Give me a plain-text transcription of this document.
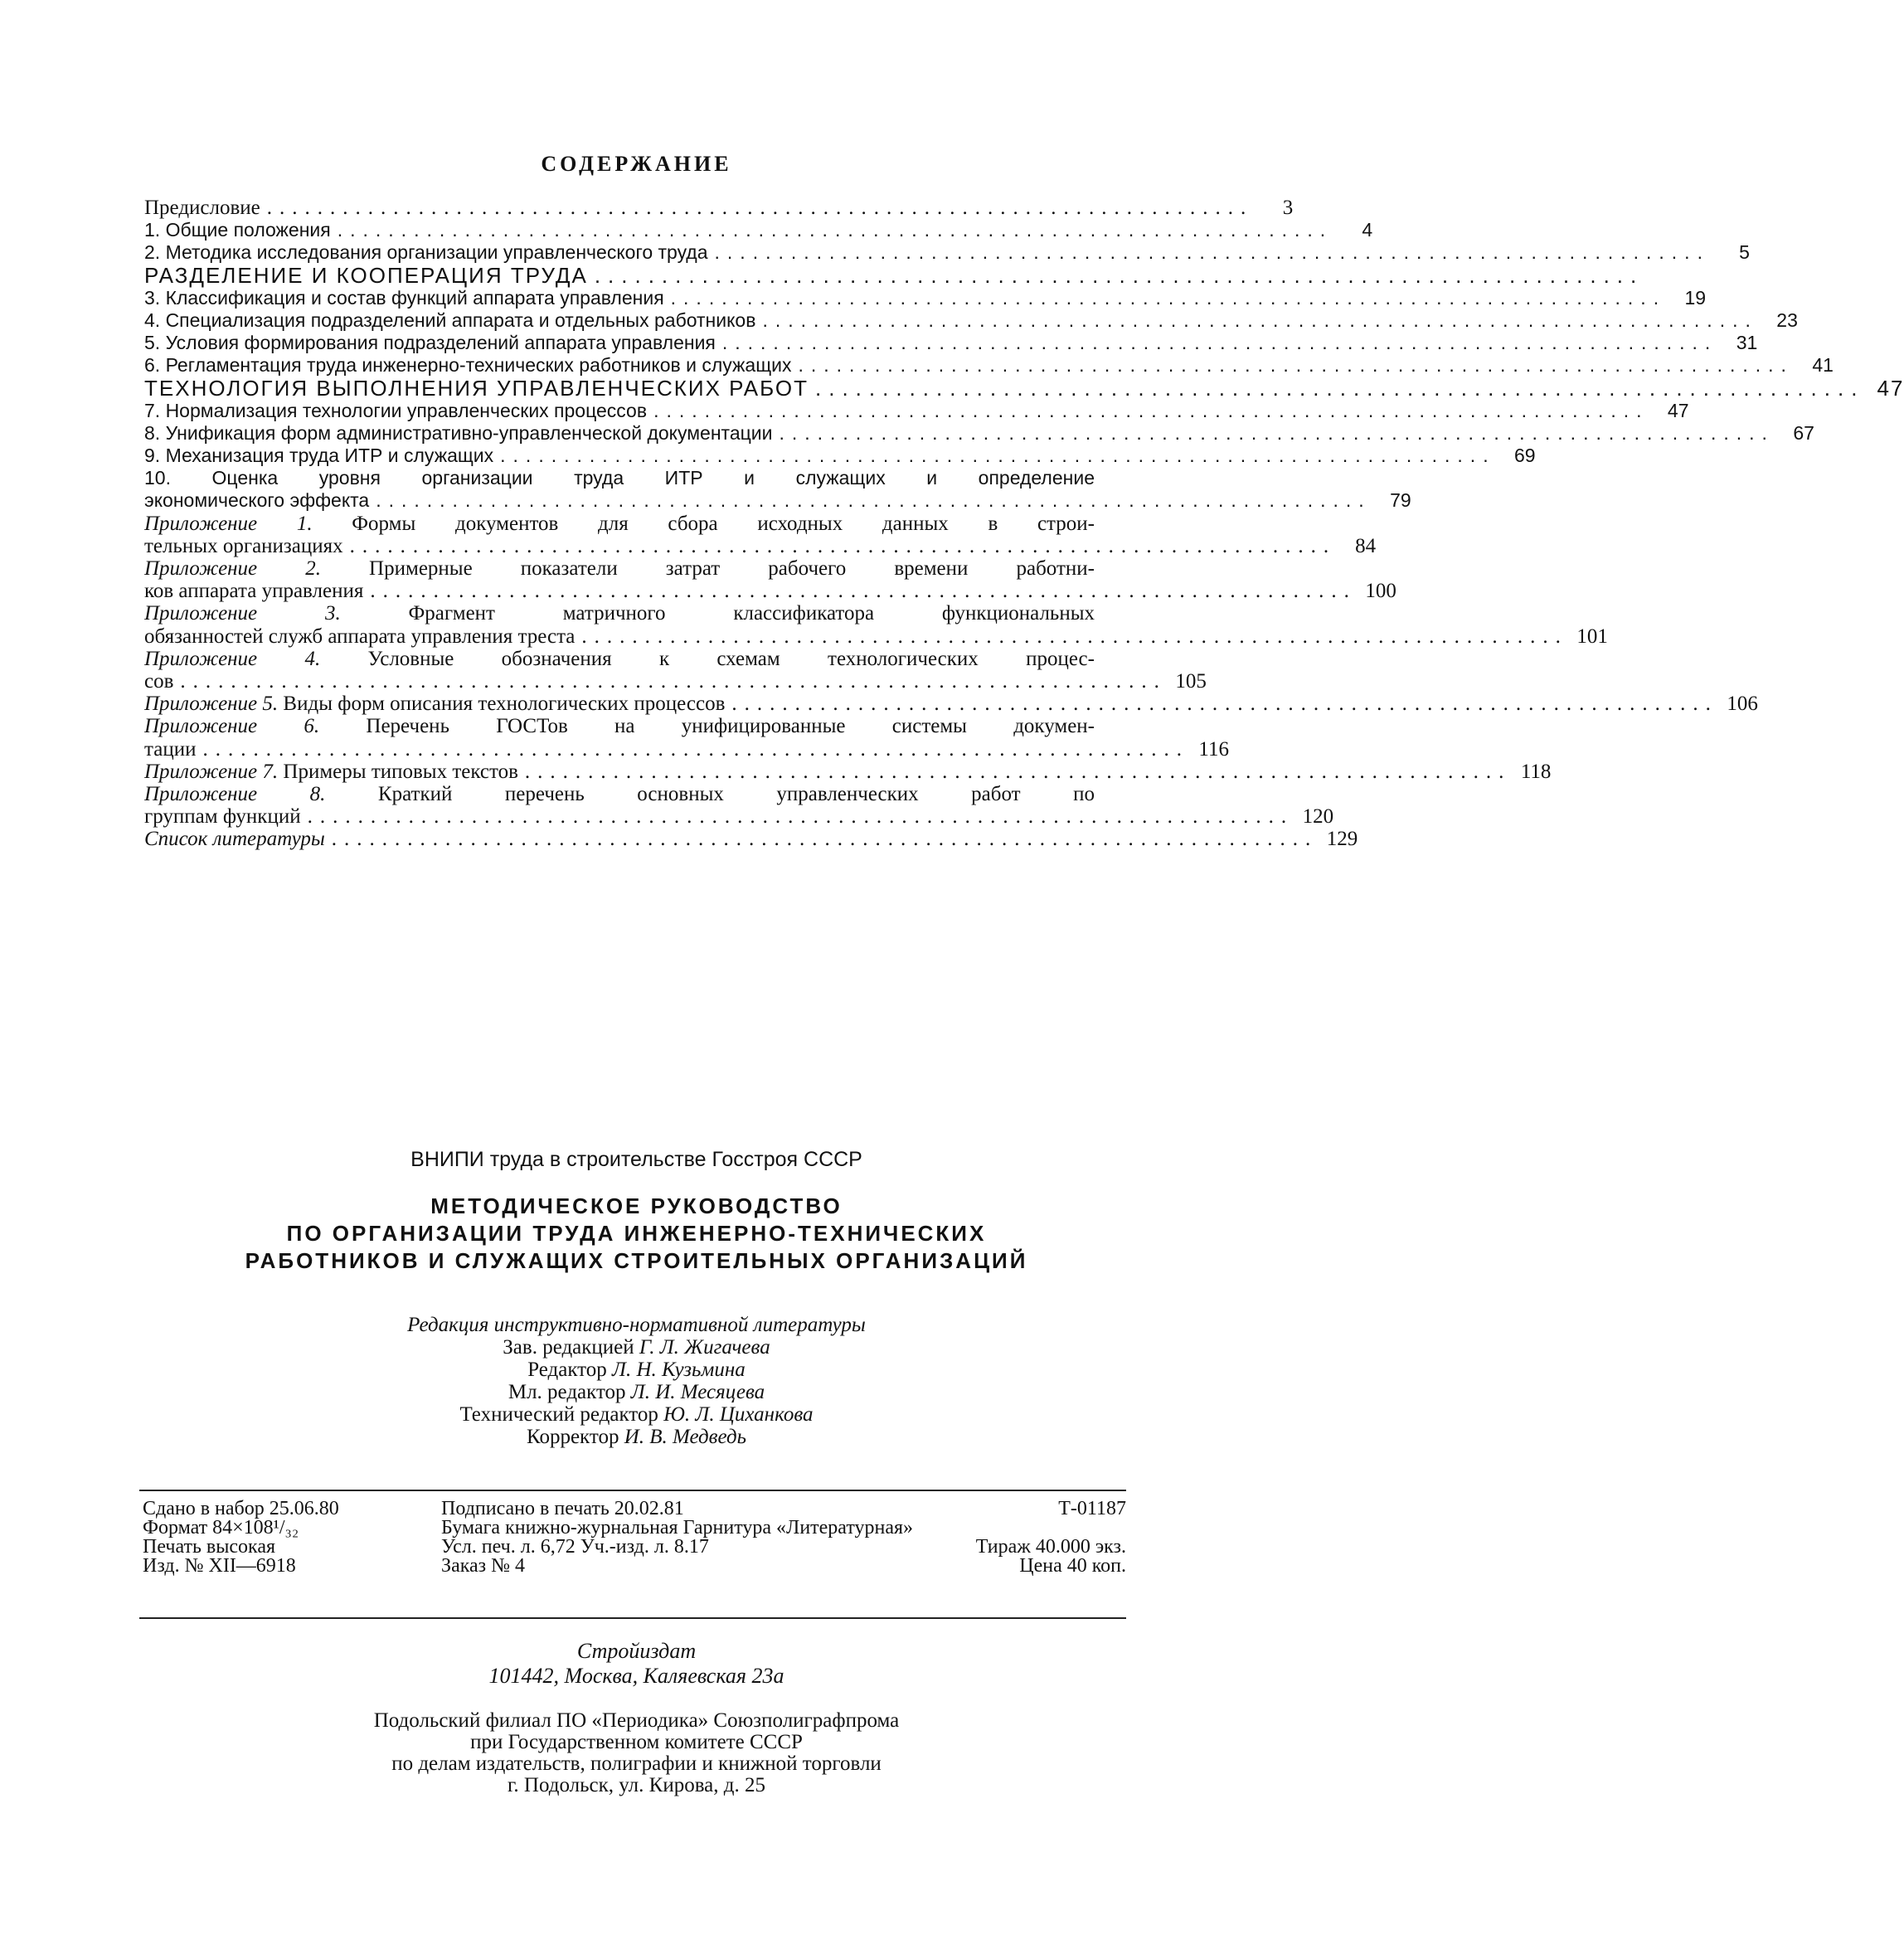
СОДЕРЖАНИЕ
Предисловие ..............................................................................	3
1. Общие положения ..............................................................................	4
2. Методика исследования организации управленческого труда ..............................................................................	5
РАЗДЕЛЕНИЕ И КООПЕРАЦИЯ ТРУДА ..............................................................................
3. Классификация и состав функций аппарата управления .............................................................................. 19
4. Специализация подразделений аппарата и отдельных работников .............................................................................. 23
5. Условия формирования подразделений аппарата управления .............................................................................. 31
6. Регламентация труда инженерно-технических работников и служащих .............................................................................. 41
ТЕХНОЛОГИЯ ВЫПОЛНЕНИЯ УПРАВЛЕНЧЕСКИХ РАБОТ .............................................................................. 47
7. Нормализация технологии управленческих процессов .............................................................................. 47
8. Унификация форм административно-управленческой документации .............................................................................. 67
9. Механизация труда ИТР и служащих .............................................................................. 69
10. Оценка уровня организации труда ИТР и служащих и определение
экономического эффекта .............................................................................. 79
Приложение 1. Формы документов для сбора исходных данных в строи-
тельных организациях .............................................................................. 84
Приложение 2. Примерные показатели затрат рабочего времени работни-
ков аппарата управления .............................................................................. 100
Приложение 3. Фрагмент матричного классификатора функциональных
обязанностей служб аппарата управления треста .............................................................................. 101
Приложение 4. Условные обозначения к схемам технологических процес-
сов .............................................................................. 105
Приложение 5. Виды форм описания технологических процессов .............................................................................. 106
Приложение 6. Перечень ГОСТов на унифицированные системы докумен-
тации .............................................................................. 116
Приложение 7. Примеры типовых текстов .............................................................................. 118
Приложение 8. Краткий перечень основных управленческих работ по
группам функций .............................................................................. 120
Список литературы .............................................................................. 129
ВНИПИ труда в строительстве Госстроя СССР
МЕТОДИЧЕСКОЕ РУКОВОДСТВО
ПО ОРГАНИЗАЦИИ ТРУДА ИНЖЕНЕРНО-ТЕХНИЧЕСКИХ
РАБОТНИКОВ И СЛУЖАЩИХ СТРОИТЕЛЬНЫХ ОРГАНИЗАЦИЙ
Редакция инструктивно-нормативной литературы
Зав. редакцией Г. Л. Жигачева
Редактор Л. Н. Кузьмина
Мл. редактор Л. И. Месяцева
Технический редактор Ю. Л. Циханкова
Корректор И. В. Медведь
Сдано в набор 25.06.80	Подписано в печать 20.02.81	Т-01187
Формат 84×108¹/₃₂	Бумага книжно-журнальная Гарнитура «Литературная»	
Печать высокая	Усл. печ. л. 6,72 Уч.-изд. л. 8.17	Тираж 40.000 экз.
Изд. № XII—6918	Заказ № 4	Цена 40 коп.
Стройиздат
101442, Москва, Каляевская 23а
Подольский филиал ПО «Периодика» Союзполиграфпрома
при Государственном комитете СССР
по делам издательств, полиграфии и книжной торговли
г. Подольск, ул. Кирова, д. 25
